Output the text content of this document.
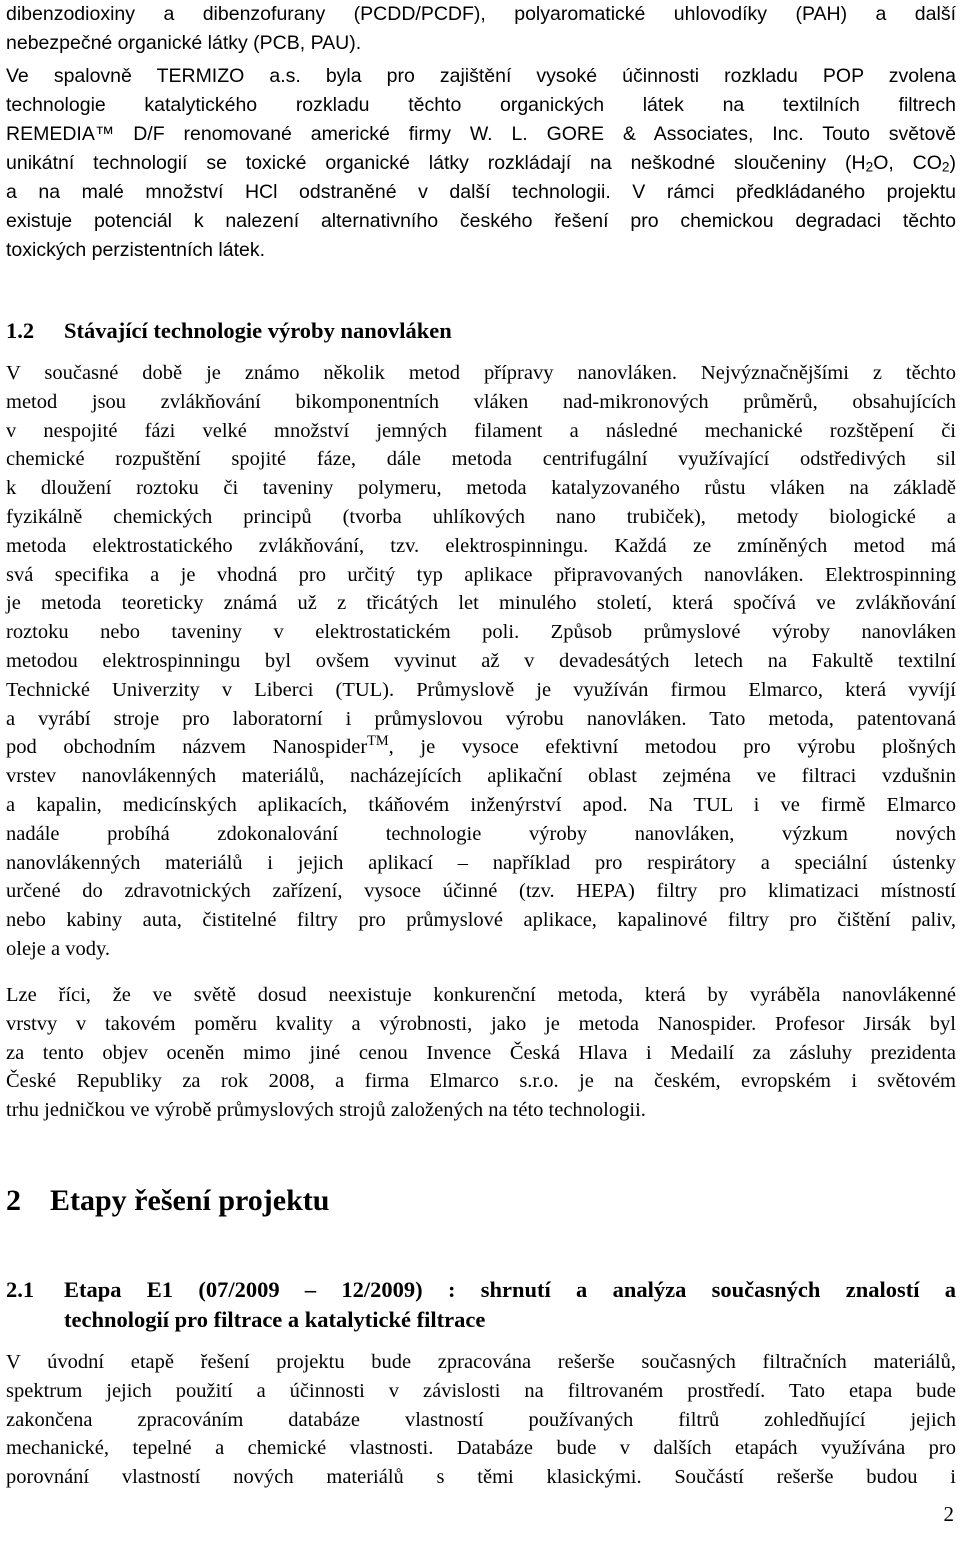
dibenzodioxiny a dibenzofurany (PCDD/PCDF), polyaromatické uhlovodíky (PAH) a další
nebezpečné organické látky (PCB, PAU).
Ve spalovně TERMIZO a.s. byla pro zajištění vysoké účinnosti rozkladu POP zvolena
technologie katalytického rozkladu těchto organických látek na textilních filtrech
REMEDIA™ D/F renomované americké firmy W. L. GORE & Associates, Inc. Touto světově
unikátní technologií se toxické organické látky rozkládají na neškodné sloučeniny ($H_2O$, $CO_2$)
a na malé množství HCl odstraněné v další technologii. V rámci předkládaného projektu
existuje potenciál k nalezení alternativního českého řešení pro chemickou degradaci těchto
toxických perzistentních látek.
1.2 Stávající technologie výroby nanovláken
V současné době je známo několik metod přípravy nanovláken. Nejvýznačnějšími z těchto
metod jsou zvlákňování bikomponentních vláken nad-mikronových průměrů, obsahujících
v nespojité fázi velké množství jemných filament a následné mechanické rozštěpení či
chemické rozpuštění spojité fáze, dále metoda centrifugální využívající odstředivých sil
k dloužení roztoku či taveniny polymeru, metoda katalyzovaného růstu vláken na základě
fyzikálně chemických principů (tvorba uhlíkových nano trubiček), metody biologické a
metoda elektrostatického zvlákňování, tzv. elektrospinningu. Každá ze zmíněných metod má
svá specifika a je vhodná pro určitý typ aplikace připravovaných nanovláken. Elektrospinning
je metoda teoreticky známá už z třicátých let minulého století, která spočívá ve zvlákňování
roztoku nebo taveniny v elektrostatickém poli. Způsob průmyslové výroby nanovláken
metodou elektrospinningu byl ovšem vyvinut až v devadesátých letech na Fakultě textilní
Technické Univerzity v Liberci (TUL). Průmyslově je využíván firmou Elmarco, která vyvíjí
a vyrábí stroje pro laboratorní i průmyslovou výrobu nanovláken. Tato metoda, patentovaná
pod obchodním názvem Nanospider™, je vysoce efektivní metodou pro výrobu plošných
vrstev nanovlákenných materiálů, nacházejících aplikační oblast zejména ve filtraci vzdušnin
a kapalin, medicínských aplikacích, tkáňovém inženýrství apod. Na TUL i ve firmě Elmarco
nadále probíhá zdokonalování technologie výroby nanovláken, výzkum nových
nanovlákenných materiálů i jejich aplikací – například pro respirátory a speciální ústenky
určené do zdravotnických zařízení, vysoce účinné (tzv. HEPA) filtry pro klimatizaci místností
nebo kabiny auta, čistitelné filtry pro průmyslové aplikace, kapalinové filtry pro čištění paliv,
oleje a vody.
Lze říci, že ve světě dosud neexistuje konkurenční metoda, která by vyráběla nanovlákenné
vrstvy v takovém poměru kvality a výrobnosti, jako je metoda Nanospider. Profesor Jirsák byl
za tento objev oceněn mimo jiné cenou Invence Česká Hlava i Medailí za zásluhy prezidenta
České Republiky za rok 2008, a firma Elmarco s.r.o. je na českém, evropském i světovém
trhu jedničkou ve výrobě průmyslových strojů založených na této technologii.
2 Etapy řešení projektu
2.1 Etapa E1 (07/2009 – 12/2009) : shrnutí a analýza současných znalostí a
technologií pro filtrace a katalytické filtrace
V úvodní etapě řešení projektu bude zpracována rešerše současných filtračních materiálů,
spektrum jejich použití a účinnosti v závislosti na filtrovaném prostředí. Tato etapa bude
zakončena zpracováním databáze vlastností používaných filtrů zohledňující jejich
mechanické, tepelné a chemické vlastnosti. Databáze bude v dalších etapách využívána pro
porovnání vlastností nových materiálů s těmi klasickými. Součástí rešerše budou i
2
